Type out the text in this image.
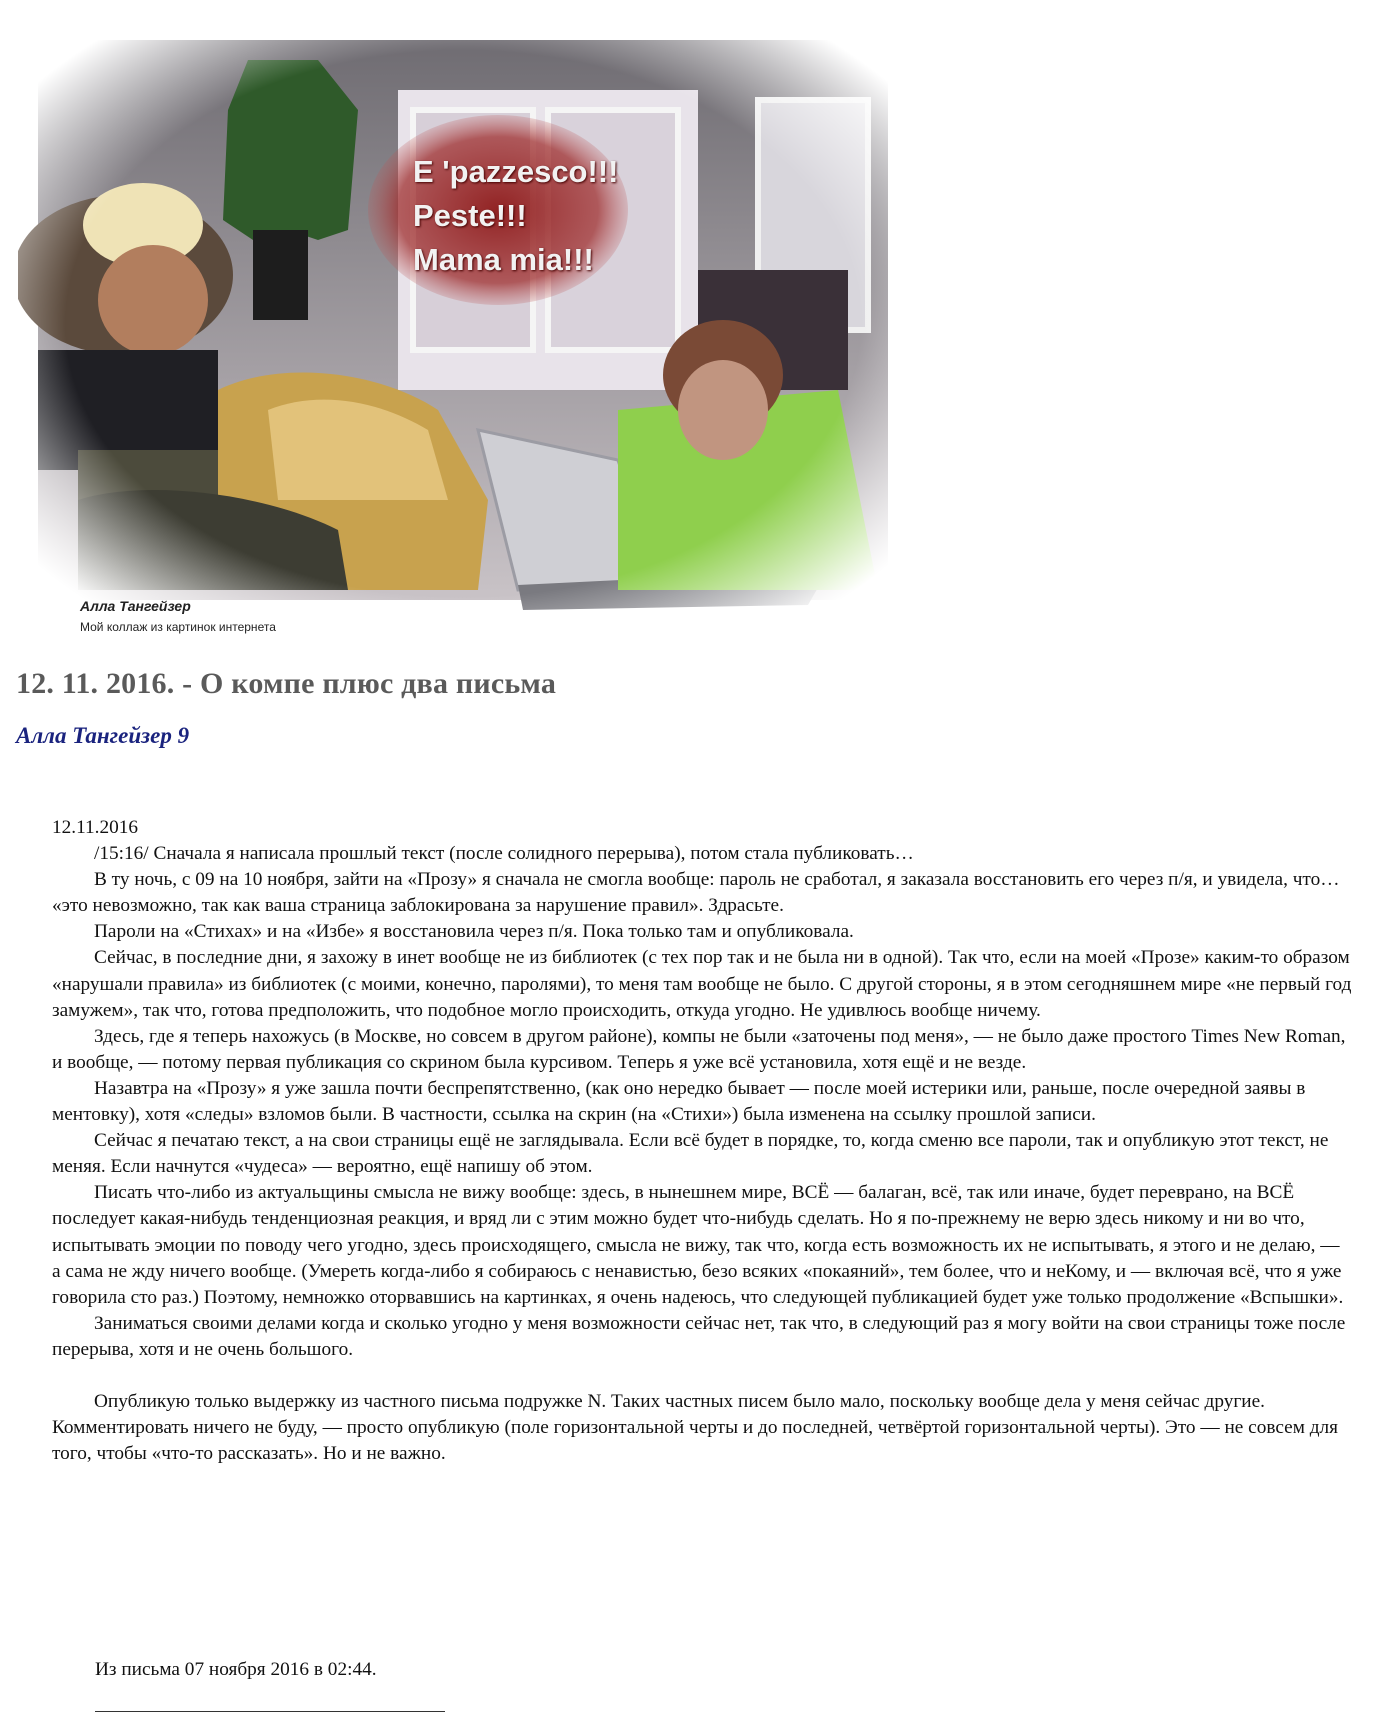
E 'pazzesco!!!
Peste!!!
Mama mia!!!
Алла Тангейзер
Мой коллаж из картинок интернета
12. 11. 2016. - О компе плюс два письма
Алла Тангейзер 9
12.11.2016

/15:16/ Сначала я написала прошлый текст (после солидного перерыва), потом стала публиковать…

В ту ночь, с 09 на 10 ноября, зайти на «Прозу» я сначала не смогла вообще: пароль не сработал, я заказала восстановить его через п/я, и увидела, что… «это невозможно, так как ваша страница заблокирована за нарушение правил». Здрасьте.

Пароли на «Стихах» и на «Избе» я восстановила через п/я. Пока только там и опубликовала.

Сейчас, в последние дни, я захожу в инет вообще не из библиотек (с тех пор так и не была ни в одной). Так что, если на моей «Прозе» каким-то образом «нарушали правила» из библиотек (с моими, конечно, паролями), то меня там вообще не было. С другой стороны, я в этом сегодняшнем мире «не первый год замужем», так что, готова предположить, что подобное могло происходить, откуда угодно. Не удивлюсь вообще ничему.

Здесь, где я теперь нахожусь (в Москве, но совсем в другом районе), компы не были «заточены под меня», — не было даже простого Times New Roman, и вообще, — потому первая публикация со скрином была курсивом. Теперь я уже всё установила, хотя ещё и не везде.

Назавтра на «Прозу» я уже зашла почти беспрепятственно, (как оно нередко бывает — после моей истерики или, раньше, после очередной заявы в ментовку), хотя «следы» взломов были. В частности, ссылка на скрин (на «Стихи») была изменена на ссылку прошлой записи.

Сейчас я печатаю текст, а на свои страницы ещё не заглядывала. Если всё будет в порядке, то, когда сменю все пароли, так и опубликую этот текст, не меняя. Если начнутся «чудеса» — вероятно, ещё напишу об этом.

Писать что-либо из актуальщины смысла не вижу вообще: здесь, в нынешнем мире, ВСЁ — балаган, всё, так или иначе, будет переврано, на ВСЁ последует какая-нибудь тенденциозная реакция, и вряд ли с этим можно будет что-нибудь сделать. Но я по-прежнему не верю здесь никому и ни во что, испытывать эмоции по поводу чего угодно, здесь происходящего, смысла не вижу, так что, когда есть возможность их не испытывать, я этого и не делаю, — а сама не жду ничего вообще. (Умереть когда-либо я собираюсь с ненавистью, безо всяких «покаяний», тем более, что и неКому, и — включая всё, что я уже говорила сто раз.) Поэтому, немножко оторвавшись на картинках, я очень надеюсь, что следующей публикацией будет уже только продолжение «Вспышки».

Заниматься своими делами когда и сколько угодно у меня возможности сейчас нет, так что, в следующий раз я могу войти на свои страницы тоже после перерыва, хотя и не очень большого.

Опубликую только выдержку из частного письма подружке N. Таких частных писем было мало, поскольку вообще дела у меня сейчас другие. Комментировать ничего не буду, — просто опубликую (поле горизонтальной черты и до последней, четвёртой горизонтальной черты). Это — не совсем для того, чтобы «что-то рассказать». Но и не важно.

Из письма 07 ноября 2016 в 02:44.
